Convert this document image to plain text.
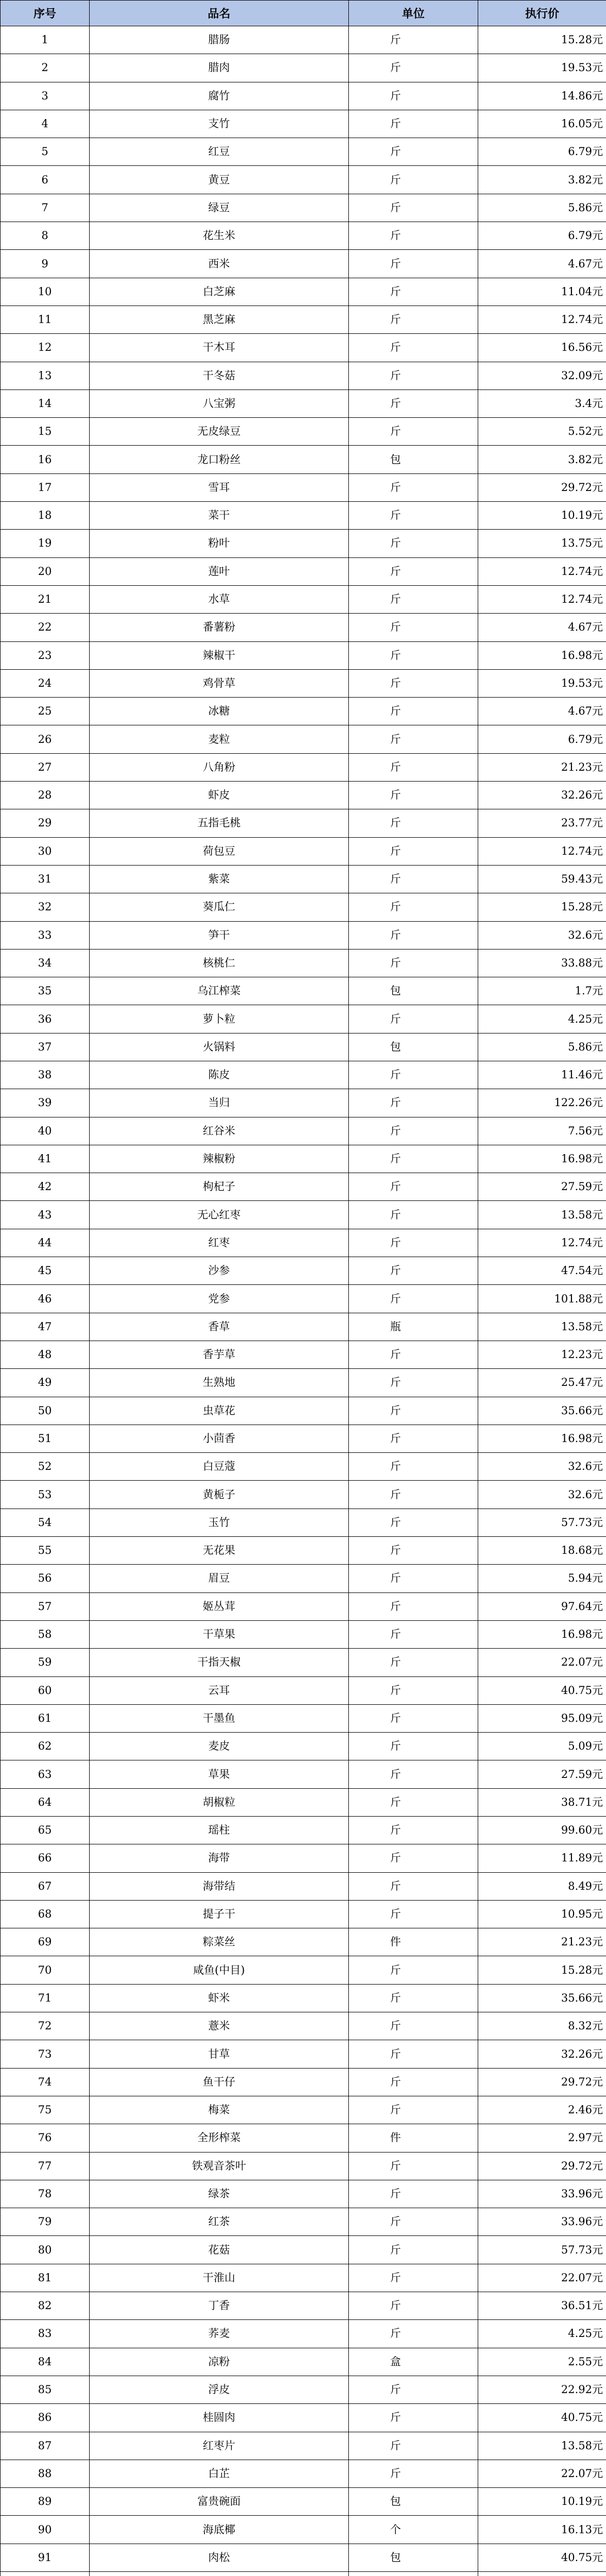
序号	品名	单位	执行价
1	腊肠	斤	15.28元
2	腊肉	斤	19.53元
3	腐竹	斤	14.86元
4	支竹	斤	16.05元
5	红豆	斤	6.79元
6	黄豆	斤	3.82元
7	绿豆	斤	5.86元
8	花生米	斤	6.79元
9	西米	斤	4.67元
10	白芝麻	斤	11.04元
11	黑芝麻	斤	12.74元
12	干木耳	斤	16.56元
13	干冬菇	斤	32.09元
14	八宝粥	斤	3.4元
15	无皮绿豆	斤	5.52元
16	龙口粉丝	包	3.82元
17	雪耳	斤	29.72元
18	菜干	斤	10.19元
19	粉叶	斤	13.75元
20	莲叶	斤	12.74元
21	水草	斤	12.74元
22	番薯粉	斤	4.67元
23	辣椒干	斤	16.98元
24	鸡骨草	斤	19.53元
25	冰糖	斤	4.67元
26	麦粒	斤	6.79元
27	八角粉	斤	21.23元
28	虾皮	斤	32.26元
29	五指毛桃	斤	23.77元
30	荷包豆	斤	12.74元
31	紫菜	斤	59.43元
32	葵瓜仁	斤	15.28元
33	笋干	斤	32.6元
34	核桃仁	斤	33.88元
35	乌江榨菜	包	1.7元
36	萝卜粒	斤	4.25元
37	火锅料	包	5.86元
38	陈皮	斤	11.46元
39	当归	斤	122.26元
40	红谷米	斤	7.56元
41	辣椒粉	斤	16.98元
42	枸杞子	斤	27.59元
43	无心红枣	斤	13.58元
44	红枣	斤	12.74元
45	沙参	斤	47.54元
46	党参	斤	101.88元
47	香草	瓶	13.58元
48	香芋草	斤	12.23元
49	生熟地	斤	25.47元
50	虫草花	斤	35.66元
51	小茴香	斤	16.98元
52	白豆蔻	斤	32.6元
53	黄栀子	斤	32.6元
54	玉竹	斤	57.73元
55	无花果	斤	18.68元
56	眉豆	斤	5.94元
57	姬丛茸	斤	97.64元
58	干草果	斤	16.98元
59	干指天椒	斤	22.07元
60	云耳	斤	40.75元
61	干墨鱼	斤	95.09元
62	麦皮	斤	5.09元
63	草果	斤	27.59元
64	胡椒粒	斤	38.71元
65	瑶柱	斤	99.60元
66	海带	斤	11.89元
67	海带结	斤	8.49元
68	提子干	斤	10.95元
69	粽菜丝	件	21.23元
70	咸鱼(中目)	斤	15.28元
71	虾米	斤	35.66元
72	薏米	斤	8.32元
73	甘草	斤	32.26元
74	鱼干仔	斤	29.72元
75	梅菜	斤	2.46元
76	全形榨菜	件	2.97元
77	铁观音茶叶	斤	29.72元
78	绿茶	斤	33.96元
79	红茶	斤	33.96元
80	花菇	斤	57.73元
81	干淮山	斤	22.07元
82	丁香	斤	36.51元
83	荞麦	斤	4.25元
84	凉粉	盒	2.55元
85	浮皮	斤	22.92元
86	桂圆肉	斤	40.75元
87	红枣片	斤	13.58元
88	白芷	斤	22.07元
89	富贵碗面	包	10.19元
90	海底椰	个	16.13元
91	肉松	包	40.75元
